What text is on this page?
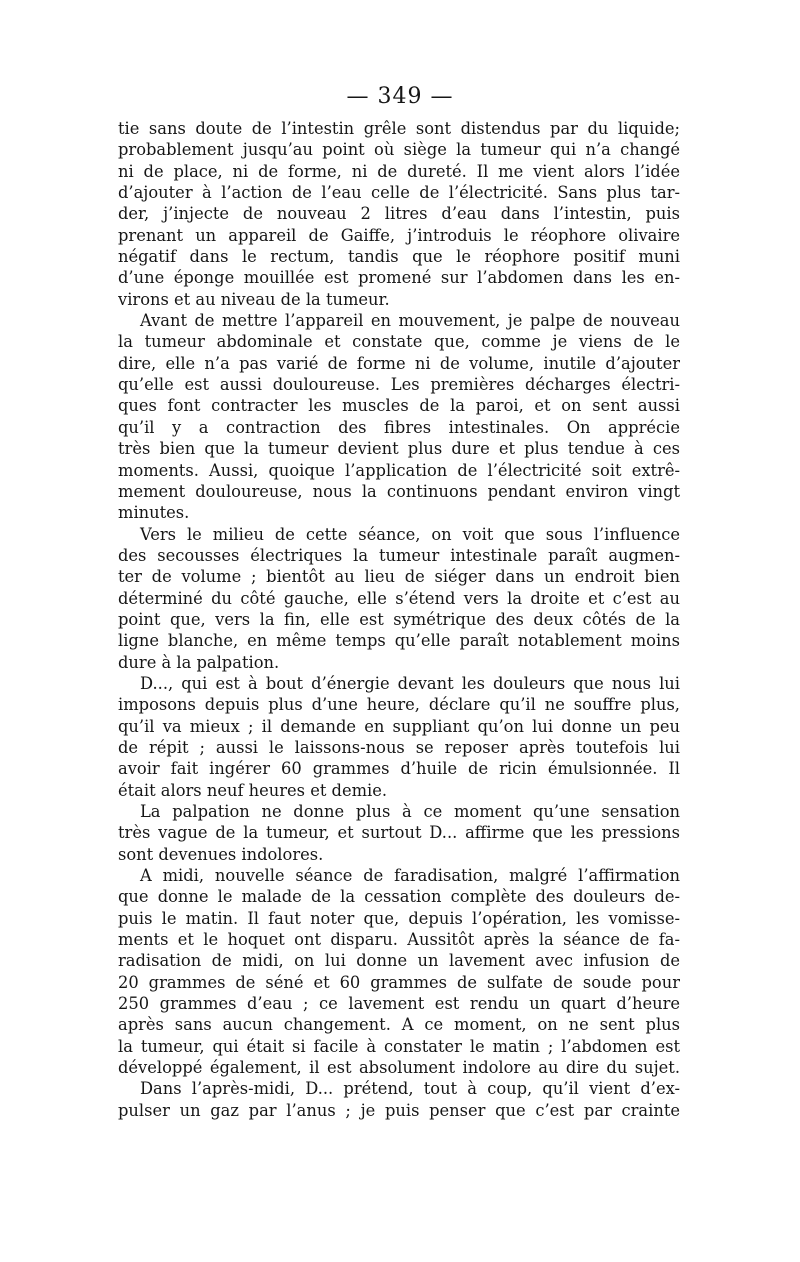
— 349 —
tie sans doute de l’intestin grêle sont distendus par du liquide;
probablement jusqu’au point où siège la tumeur qui n’a changé
ni de place, ni de forme, ni de dureté. Il me vient alors l’idée
d’ajouter à l’action de l’eau celle de l’électricité. Sans plus tar-
der, j’injecte de nouveau 2 litres d’eau dans l’intestin, puis
prenant un appareil de Gaiffe, j’introduis le réophore olivaire
négatif dans le rectum, tandis que le réophore positif muni
d’une éponge mouillée est promené sur l’abdomen dans les en-
virons et au niveau de la tumeur.
Avant de mettre l’appareil en mouvement, je palpe de nouveau
la tumeur abdominale et constate que, comme je viens de le
dire, elle n’a pas varié de forme ni de volume, inutile d’ajouter
qu’elle est aussi douloureuse. Les premières décharges électri-
ques font contracter les muscles de la paroi, et on sent aussi
qu’il y a contraction des fibres intestinales. On apprécie
très bien que la tumeur devient plus dure et plus tendue à ces
moments. Aussi, quoique l’application de l’électricité soit extrê-
mement douloureuse, nous la continuons pendant environ vingt
minutes.
Vers le milieu de cette séance, on voit que sous l’influence
des secousses électriques la tumeur intestinale paraît augmen-
ter de volume ; bientôt au lieu de siéger dans un endroit bien
déterminé du côté gauche, elle s’étend vers la droite et c’est au
point que, vers la fin, elle est symétrique des deux côtés de la
ligne blanche, en même temps qu’elle paraît notablement moins
dure à la palpation.
D..., qui est à bout d’énergie devant les douleurs que nous lui
imposons depuis plus d’une heure, déclare qu’il ne souffre plus,
qu’il va mieux ; il demande en suppliant qu’on lui donne un peu
de répit ; aussi le laissons-nous se reposer après toutefois lui
avoir fait ingérer 60 grammes d’huile de ricin émulsionnée. Il
était alors neuf heures et demie.
La palpation ne donne plus à ce moment qu’une sensation
très vague de la tumeur, et surtout D... affirme que les pressions
sont devenues indolores.
A midi, nouvelle séance de faradisation, malgré l’affirmation
que donne le malade de la cessation complète des douleurs de-
puis le matin. Il faut noter que, depuis l’opération, les vomisse-
ments et le hoquet ont disparu. Aussitôt après la séance de fa-
radisation de midi, on lui donne un lavement avec infusion de
20 grammes de séné et 60 grammes de sulfate de soude pour
250 grammes d’eau ; ce lavement est rendu un quart d’heure
après sans aucun changement. A ce moment, on ne sent plus
la tumeur, qui était si facile à constater le matin ; l’abdomen est
développé également, il est absolument indolore au dire du sujet.
Dans l’après-midi, D... prétend, tout à coup, qu’il vient d’ex-
pulser un gaz par l’anus ; je puis penser que c’est par crainte
